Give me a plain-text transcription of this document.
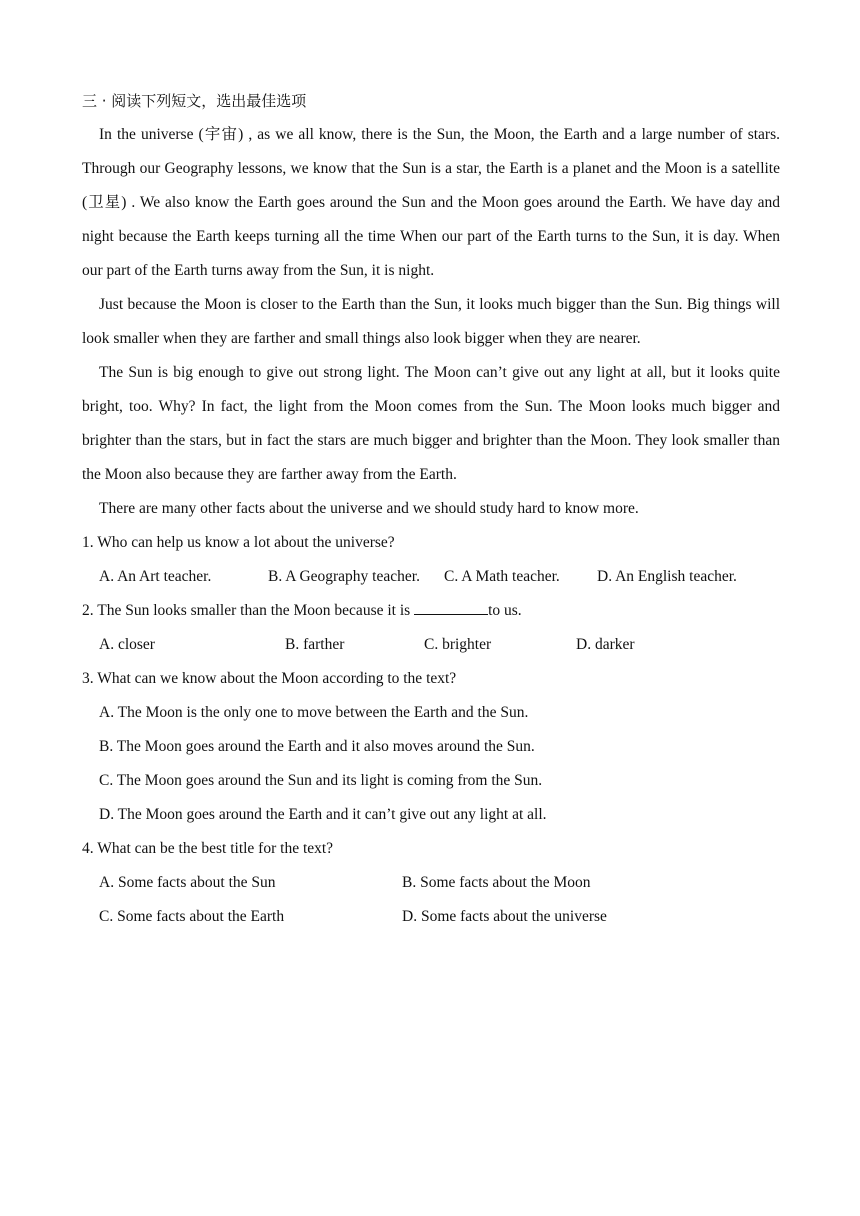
三 · 阅读下列短文，选出最佳选项

In the universe (宇宙) , as we all know, there is the Sun, the Moon, the Earth and a large number of stars. Through our Geography lessons, we know that the Sun is a star, the Earth is a planet and the Moon is a satellite (卫星) . We also know the Earth goes around the Sun and the Moon goes around the Earth. We have day and night because the Earth keeps turning all the time When our part of the Earth turns to the Sun, it is day. When our part of the Earth turns away from the Sun, it is night.

Just because the Moon is closer to the Earth than the Sun, it looks much bigger than the Sun. Big things will look smaller when they are farther and small things also look bigger when they are nearer.

The Sun is big enough to give out strong light. The Moon can’t give out any light at all, but it looks quite bright, too. Why? In fact, the light from the Moon comes from the Sun. The Moon looks much bigger and brighter than the stars, but in fact the stars are much bigger and brighter than the Moon. They look smaller than the Moon also because they are farther away from the Earth.

There are many other facts about the universe and we should study hard to know more.

1. Who can help us know a lot about the universe?
A. An Art teacher.	B. A Geography teacher. C. A Math teacher. D. An English teacher.
2. The Sun looks smaller than the Moon because it is	to us.
A. closer	B. farther	C. brighter	D. darker
3. What can we know about the Moon according to the text?
A. The Moon is the only one to move between the Earth and the Sun.
B. The Moon goes around the Earth and it also moves around the Sun.
C. The Moon goes around the Sun and its light is coming from the Sun.
D. The Moon goes around the Earth and it can’t give out any light at all.
4. What can be the best title for the text?
A. Some facts about the Sun	B. Some facts about the Moon
C. Some facts about the Earth	D. Some facts about the universe
